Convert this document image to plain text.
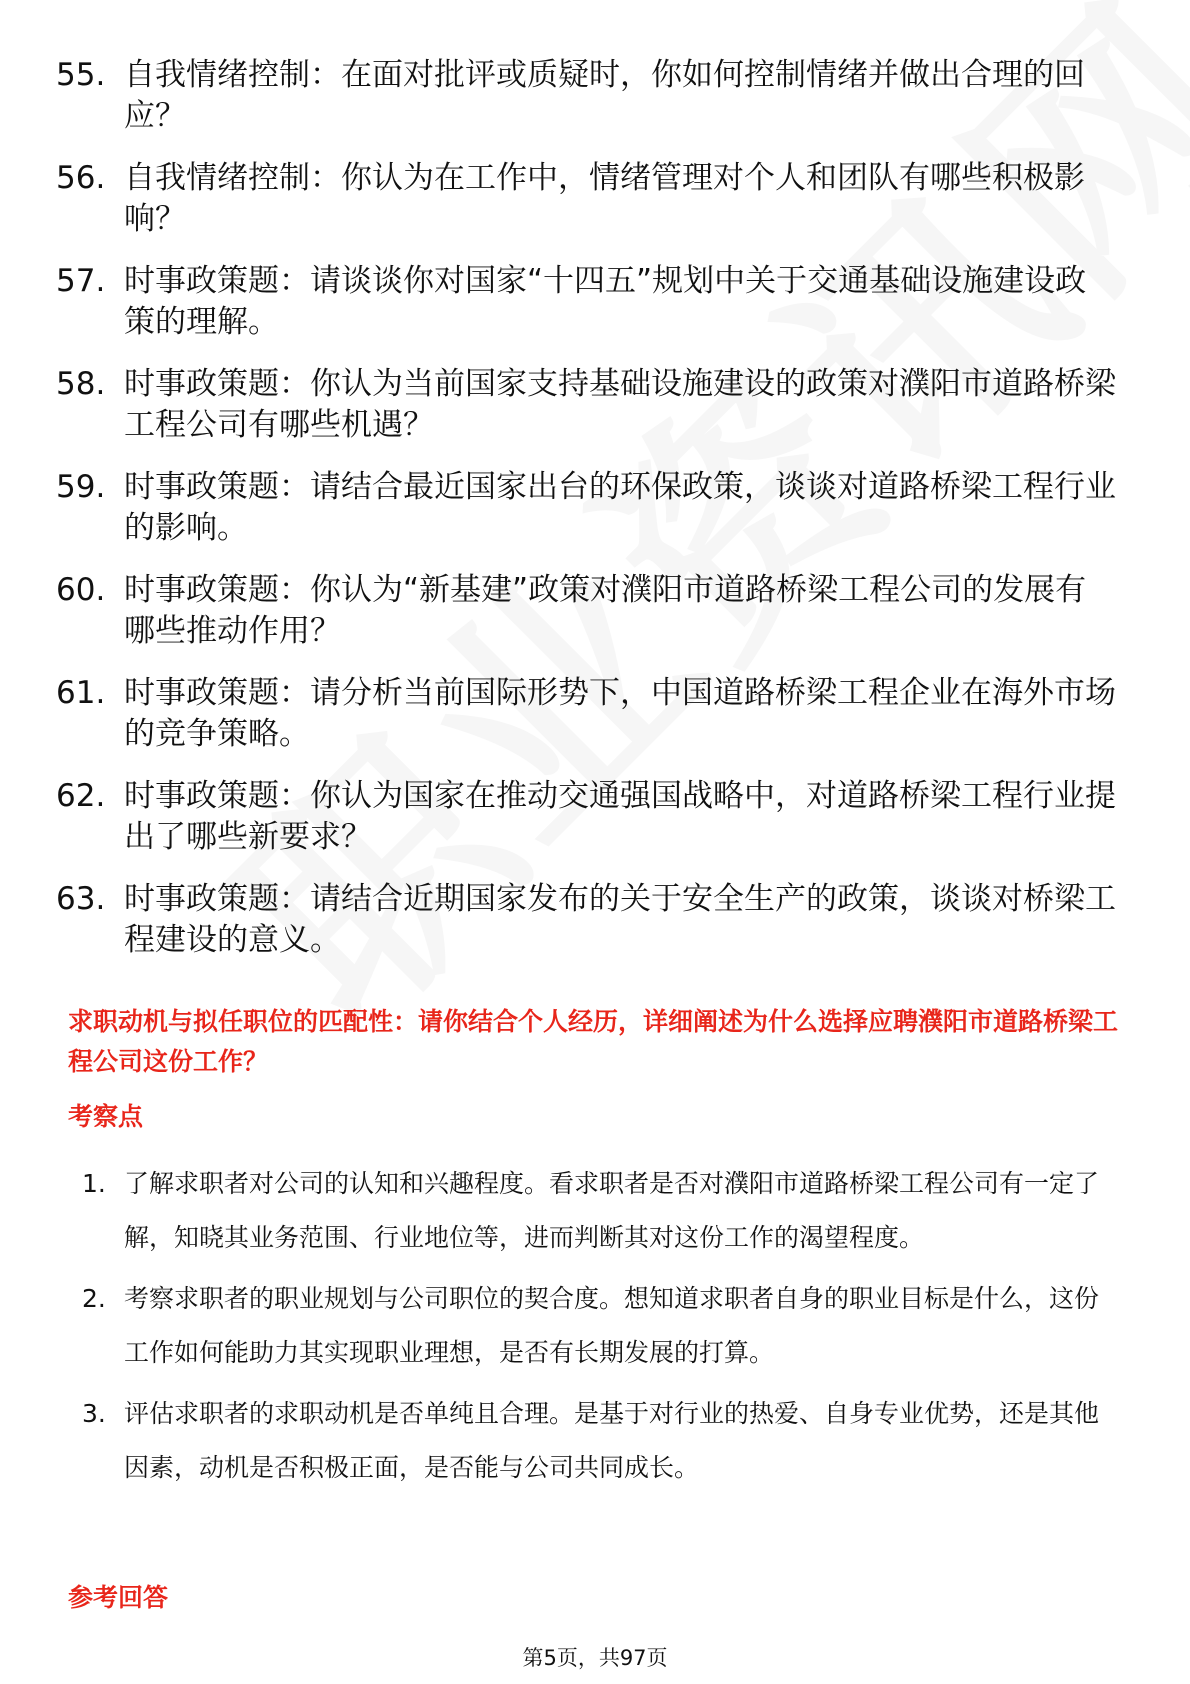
55. 自我情绪控制：在面对批评或质疑时，你如何控制情绪并做出合理的回应？
56. 自我情绪控制：你认为在工作中，情绪管理对个人和团队有哪些积极影响？
57. 时事政策题：请谈谈你对国家“十四五”规划中关于交通基础设施建设政策的理解。
58. 时事政策题：你认为当前国家支持基础设施建设的政策对濮阳市道路桥梁工程公司有哪些机遇？
59. 时事政策题：请结合最近国家出台的环保政策，谈谈对道路桥梁工程行业的影响。
60. 时事政策题：你认为“新基建”政策对濮阳市道路桥梁工程公司的发展有哪些推动作用？
61. 时事政策题：请分析当前国际形势下，中国道路桥梁工程企业在海外市场的竞争策略。
62. 时事政策题：你认为国家在推动交通强国战略中，对道路桥梁工程行业提出了哪些新要求？
63. 时事政策题：请结合近期国家发布的关于安全生产的政策，谈谈对桥梁工程建设的意义。
求职动机与拟任职位的匹配性：请你结合个人经历，详细阐述为什么选择应聘濮阳市道路桥梁工程公司这份工作？
考察点
1. 了解求职者对公司的认知和兴趣程度。看求职者是否对濮阳市道路桥梁工程公司有一定了解，知晓其业务范围、行业地位等，进而判断其对这份工作的渴望程度。
2. 考察求职者的职业规划与公司职位的契合度。想知道求职者自身的职业目标是什么，这份工作如何能助力其实现职业理想，是否有长期发展的打算。
3. 评估求职者的求职动机是否单纯且合理。是基于对行业的热爱、自身专业优势，还是其他因素，动机是否积极正面，是否能与公司共同成长。
参考回答
第5页，共97页
